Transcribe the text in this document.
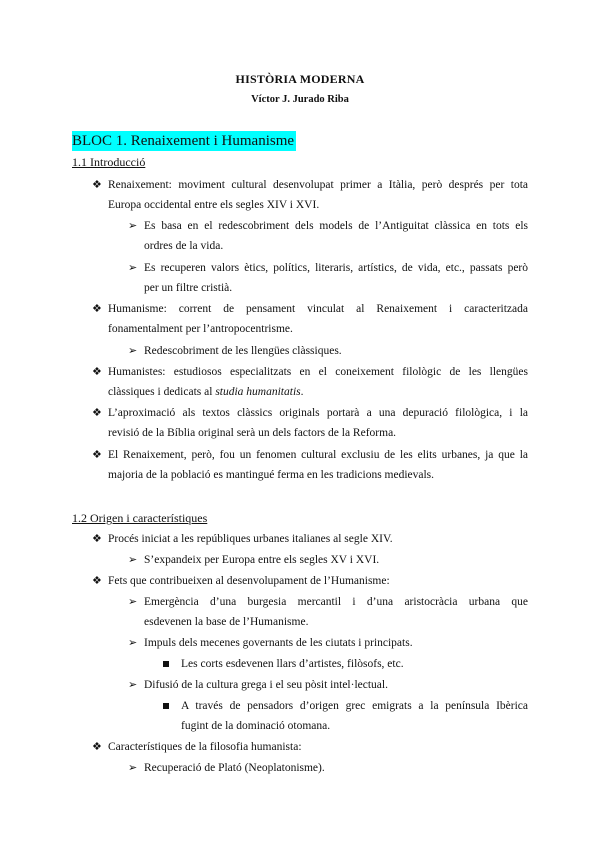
HISTÒRIA MODERNA
Víctor J. Jurado Riba
BLOC 1. Renaixement i Humanisme
1.1 Introducció
❖ Renaixement: moviment cultural desenvolupat primer a Itàlia, però després per tota
Europa occidental entre els segles XIV i XVI.
➢ Es basa en el redescobriment dels models de l’Antiguitat clàssica en tots els
ordres de la vida.
➢ Es recuperen valors ètics, polítics, literaris, artístics, de vida, etc., passats però
per un filtre cristià.
❖ Humanisme: corrent de pensament vinculat al Renaixement i caracteritzada
fonamentalment per l’antropocentrisme.
➢ Redescobriment de les llengües clàssiques.
❖ Humanistes: estudiosos especialitzats en el coneixement filològic de les llengües
clàssiques i dedicats al studia humanitatis.
❖ L’aproximació als textos clàssics originals portarà a una depuració filològica, i la
revisió de la Bíblia original serà un dels factors de la Reforma.
❖ El Renaixement, però, fou un fenomen cultural exclusiu de les elits urbanes, ja que la
majoria de la població es mantingué ferma en les tradicions medievals.
1.2 Origen i característiques
❖ Procés iniciat a les repúbliques urbanes italianes al segle XIV.
➢ S’expandeix per Europa entre els segles XV i XVI.
❖ Fets que contribueixen al desenvolupament de l’Humanisme:
➢ Emergència d’una burgesia mercantil i d’una aristocràcia urbana que
esdevenen la base de l’Humanisme.
➢ Impuls dels mecenes governants de les ciutats i principats.
Les corts esdevenen llars d’artistes, filòsofs, etc.
➢ Difusió de la cultura grega i el seu pòsit intel·lectual.
A través de pensadors d’origen grec emigrats a la península Ibèrica
fugint de la dominació otomana.
❖ Característiques de la filosofia humanista:
➢ Recuperació de Plató (Neoplatonisme).
